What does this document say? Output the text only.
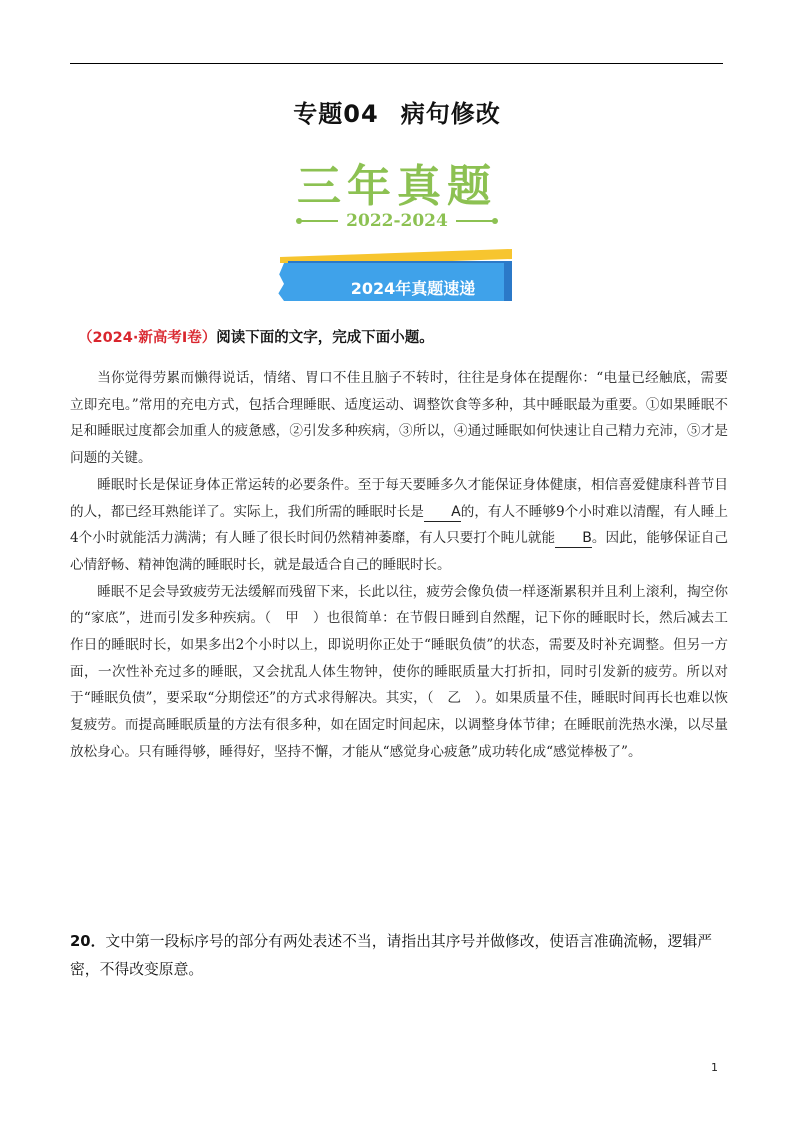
专题04 病句修改
三年真题
2022-2024
2024年真题速递
（2024·新高考Ⅰ卷）阅读下面的文字，完成下面小题。

当你觉得劳累而懒得说话，情绪、胃口不佳且脑子不转时，往往是身体在提醒你：“电量已经触底，需要立即充电。”常用的充电方式，包括合理睡眠、适度运动、调整饮食等多种，其中睡眠最为重要。①如果睡眠不足和睡眠过度都会加重人的疲惫感，②引发多种疾病，③所以，④通过睡眠如何快速让自己精力充沛，⑤才是问题的关键。

睡眠时长是保证身体正常运转的必要条件。至于每天要睡多久才能保证身体健康，相信喜爱健康科普节目的人，都已经耳熟能详了。实际上，我们所需的睡眠时长是 A的，有人不睡够9个小时难以清醒，有人睡上4个小时就能活力满满；有人睡了很长时间仍然精神萎靡，有人只要打个盹儿就能 B。因此，能够保证自己心情舒畅、精神饱满的睡眠时长，就是最适合自己的睡眠时长。

睡眠不足会导致疲劳无法缓解而残留下来，长此以往，疲劳会像负债一样逐渐累积并且利上滚利，掏空你的“家底”，进而引发多种疾病。（　甲　）也很简单：在节假日睡到自然醒，记下你的睡眠时长，然后减去工作日的睡眠时长，如果多出2个小时以上，即说明你正处于“睡眠负债”的状态，需要及时补充调整。但另一方面，一次性补充过多的睡眠，又会扰乱人体生物钟，使你的睡眠质量大打折扣，同时引发新的疲劳。所以对于“睡眠负债”，要采取“分期偿还”的方式求得解决。其实，（　乙　）。如果质量不佳，睡眠时间再长也难以恢复疲劳。而提高睡眠质量的方法有很多种，如在固定时间起床，以调整身体节律；在睡眠前洗热水澡，以尽量放松身心。只有睡得够，睡得好，坚持不懈，才能从“感觉身心疲惫”成功转化成“感觉棒极了”。

20．文中第一段标序号的部分有两处表述不当，请指出其序号并做修改，使语言准确流畅，逻辑严密，不得改变原意。
1
